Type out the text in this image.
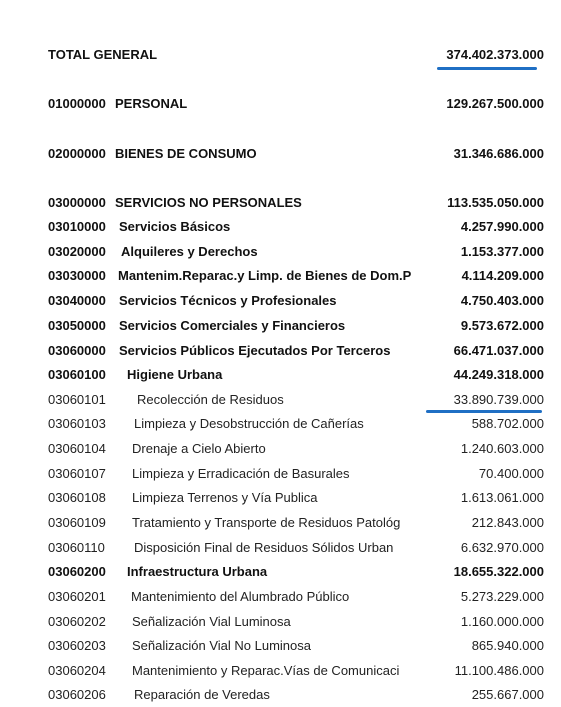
TOTAL GENERAL	374.402.373.000
01000000 PERSONAL	129.267.500.000
02000000 BIENES DE CONSUMO	31.346.686.000
03000000 SERVICIOS NO PERSONALES	113.535.050.000
03010000 Servicios Básicos	4.257.990.000
03020000 Alquileres y Derechos	1.153.377.000
03030000 Mantenim.Reparac.y Limp. de Bienes de Dom.P	4.114.209.000
03040000 Servicios Técnicos y Profesionales	4.750.403.000
03050000 Servicios Comerciales y Financieros	9.573.672.000
03060000 Servicios Públicos Ejecutados Por Terceros	66.471.037.000
03060100 Higiene Urbana	44.249.318.000
03060101 Recolección de Residuos	33.890.739.000
03060103 Limpieza y Desobstrucción de Cañerías	588.702.000
03060104 Drenaje a Cielo Abierto	1.240.603.000
03060107 Limpieza y Erradicación de Basurales	70.400.000
03060108 Limpieza Terrenos y Vía Publica	1.613.061.000
03060109 Tratamiento y Transporte de Residuos Patológ	212.843.000
03060110 Disposición Final de Residuos Sólidos Urban	6.632.970.000
03060200 Infraestructura Urbana	18.655.322.000
03060201 Mantenimiento del Alumbrado Público	5.273.229.000
03060202 Señalización Vial Luminosa	1.160.000.000
03060203 Señalización Vial No Luminosa	865.940.000
03060204 Mantenimiento y Reparac.Vías de Comunicaci	11.100.486.000
03060206 Reparación de Veredas	255.667.000
